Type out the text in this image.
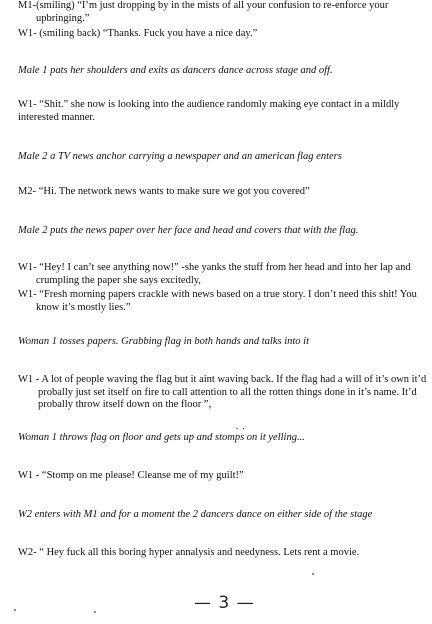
M1-(smiling) “I’m just dropping by in the mists of all your confusion to re-enforce your upbringing.”
W1- (smiling back) “Thanks. Fuck you have a nice day.”
Male 1 pats her shoulders and exits as dancers dance across stage and off.
W1- “Shit.” she now is looking into the audience randomly making eye contact in a mildly interested manner.
Male 2 a TV news anchor carrying a newspaper and an american flag enters
M2- “Hi. The network news wants to make sure we got you covered”
Male 2 puts the news paper over her face and head and covers that with the flag.
W1- “Hey! I can’t see anything now!” -she yanks the stuff from her head and into her lap and crumpling the paper she says excitedly,
W1- “Fresh morning papers crackle with news based on a true story. I don’t need this shit! You know it’s mostly lies.”
Woman 1 tosses papers. Grabbing flag in both hands and talks into it
W1 - A lot of people waving the flag but it aint waving back. If the flag had a will of it’s own it’d probally just set itself on fire to call attention to all the rotten things done in it’s name. It’d probally throw itself down on the floor ”,
. .
Woman 1 throws flag on floor and gets up and stomps on it yelling...
W1 - “Stomp on me please! Cleanse me of my guilt!”
W2 enters with M1 and for a moment the 2 dancers dance on either side of the stage
W2- “ Hey fuck all this boring hyper annalysis and needyness. Lets rent a movie.
— 3 —
